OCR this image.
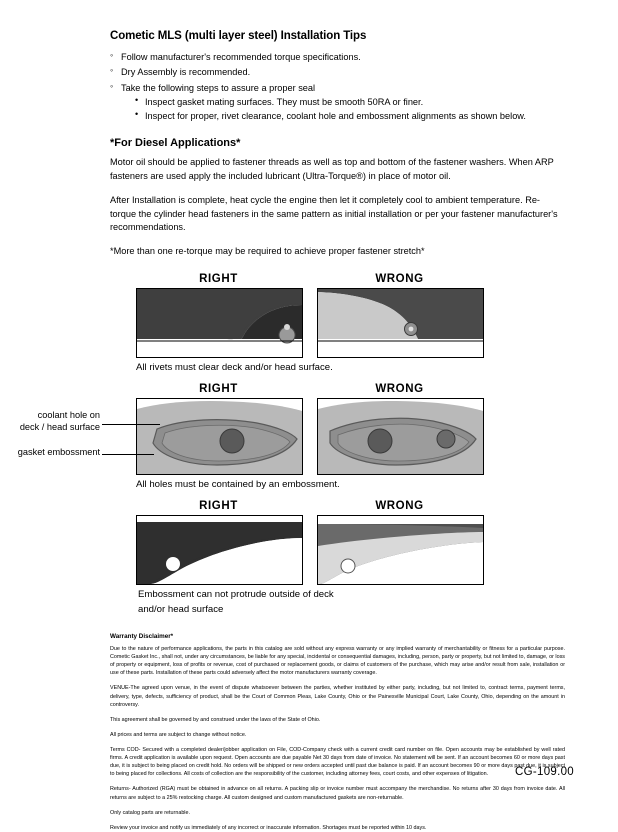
Cometic MLS (multi layer steel) Installation Tips
◦ Follow manufacturer's recommended torque specifications.
◦ Dry Assembly is recommended.
◦ Take the following steps to assure a proper seal
• Inspect gasket mating surfaces. They must be smooth 50RA or finer.
• Inspect for proper, rivet clearance, coolant hole and embossment alignments as shown below.
*For Diesel Applications*

Motor oil should be applied to fastener threads as well as top and bottom of the fastener washers. When ARP fasteners are used apply the included lubricant (Ultra-Torque®) in place of motor oil.

After Installation is complete, heat cycle the engine then let it completely cool to ambient temperature. Re-torque the cylinder head fasteners in the same pattern as initial installation or per your fastener manufacturer's recommendations.

*More than one re-torque may be required to achieve proper fastener stretch*

RIGHT	WRONG
All rivets must clear deck and/or head surface.
RIGHT	WRONG
coolant hole on
deck / head surface
gasket embossment
All holes must be contained by an embossment.
RIGHT	WRONG
Embossment can not protrude outside of deck
and/or head surface
Warranty Disclaimer*

Due to the nature of performance applications, the parts in this catalog are sold without any express warranty or any implied warranty of merchantability or fitness for a particular purpose. Cometic Gasket Inc., shall not, under any circumstances, be liable for any special, incidental or consequential damages, including, person, party or property, but not limited to, damage, or loss of property or equipment, loss of profits or revenue, cost of purchased or replacement goods, or claims of customers of the purchase, which may arise and/or result from sale, installation or use of these parts. Installation of these parts could adversely affect the motor manufacturers warranty coverage.

VENUE-The agreed upon venue, in the event of dispute whatsoever between the parties, whether instituted by either party, including, but not limited to, contract terms, payment terms, delivery, type, defects, sufficiency of product, shall be the Court of Common Pleas, Lake County, Ohio or the Painesville Municipal Court, Lake County, Ohio, depending on the amount in controversy.

This agreement shall be governed by and construed under the laws of the State of Ohio.

All prices and terms are subject to change without notice.

Terms COD- Secured with a completed dealer/jobber application on File, COD-Company check with a current credit card number on file. Open accounts may be established by well rated firms. A credit application is available upon request. Open accounts are due payable Net 30 days from date of invoice. No statement will be sent. If an account becomes 60 or more days past due, it is subject to being placed on credit hold. No orders will be shipped or new orders accepted until past due balance is paid. If an account becomes 90 or more days past due, it is subject to being placed for collections. All costs of collection are the responsibility of the customer, including attorney fees, court costs, and other expenses of litigation.

Returns- Authorized (RGA) must be obtained in advance on all returns. A packing slip or invoice number must accompany the merchandise. No returns after 30 days from invoice date. All returns are subject to a 25% restocking charge. All custom designed and custom manufactured gaskets are non-returnable.

Only catalog parts are returnable.

Review your invoice and notify us immediately of any incorrect or inaccurate information. Shortages must be reported within 10 days.

CG-109.00
